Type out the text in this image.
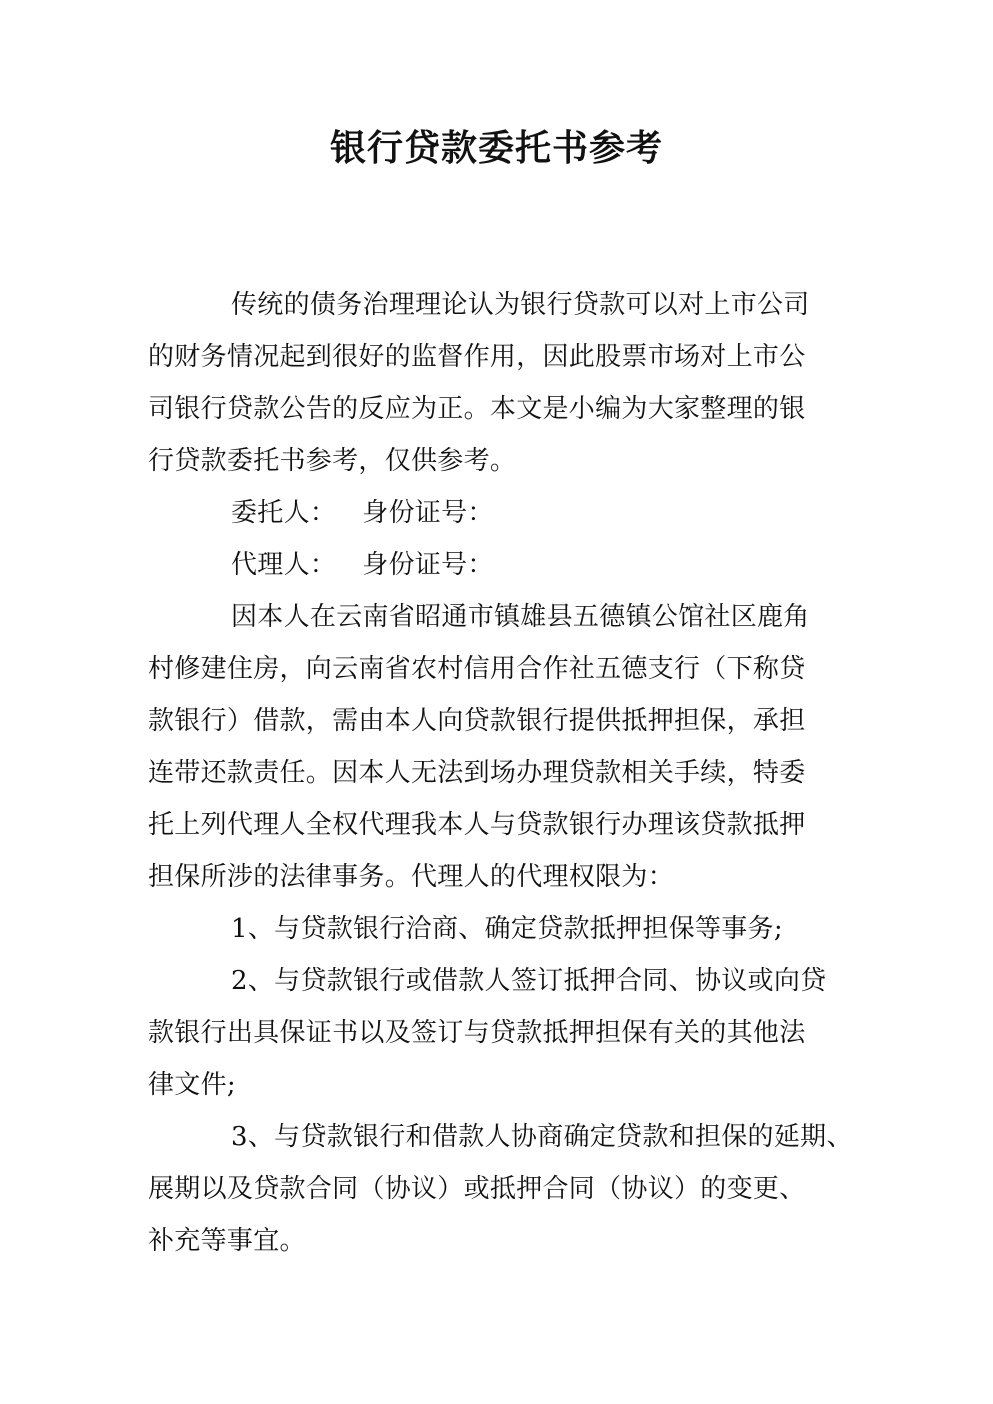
银行贷款委托书参考

传统的债务治理理论认为银行贷款可以对上市公司

的财务情况起到很好的监督作用，因此股票市场对上市公

司银行贷款公告的反应为正。本文是小编为大家整理的银

行贷款委托书参考，仅供参考。

委托人： 身份证号：

代理人： 身份证号：

因本人在云南省昭通市镇雄县五德镇公馆社区鹿角

村修建住房，向云南省农村信用合作社五德支行（下称贷

款银行）借款，需由本人向贷款银行提供抵押担保，承担

连带还款责任。因本人无法到场办理贷款相关手续，特委

托上列代理人全权代理我本人与贷款银行办理该贷款抵押

担保所涉的法律事务。代理人的代理权限为：

1、与贷款银行洽商、确定贷款抵押担保等事务;

2、与贷款银行或借款人签订抵押合同、协议或向贷

款银行出具保证书以及签订与贷款抵押担保有关的其他法

律文件;

3、与贷款银行和借款人协商确定贷款和担保的延期、

展期以及贷款合同（协议）或抵押合同（协议）的变更、

补充等事宜。
